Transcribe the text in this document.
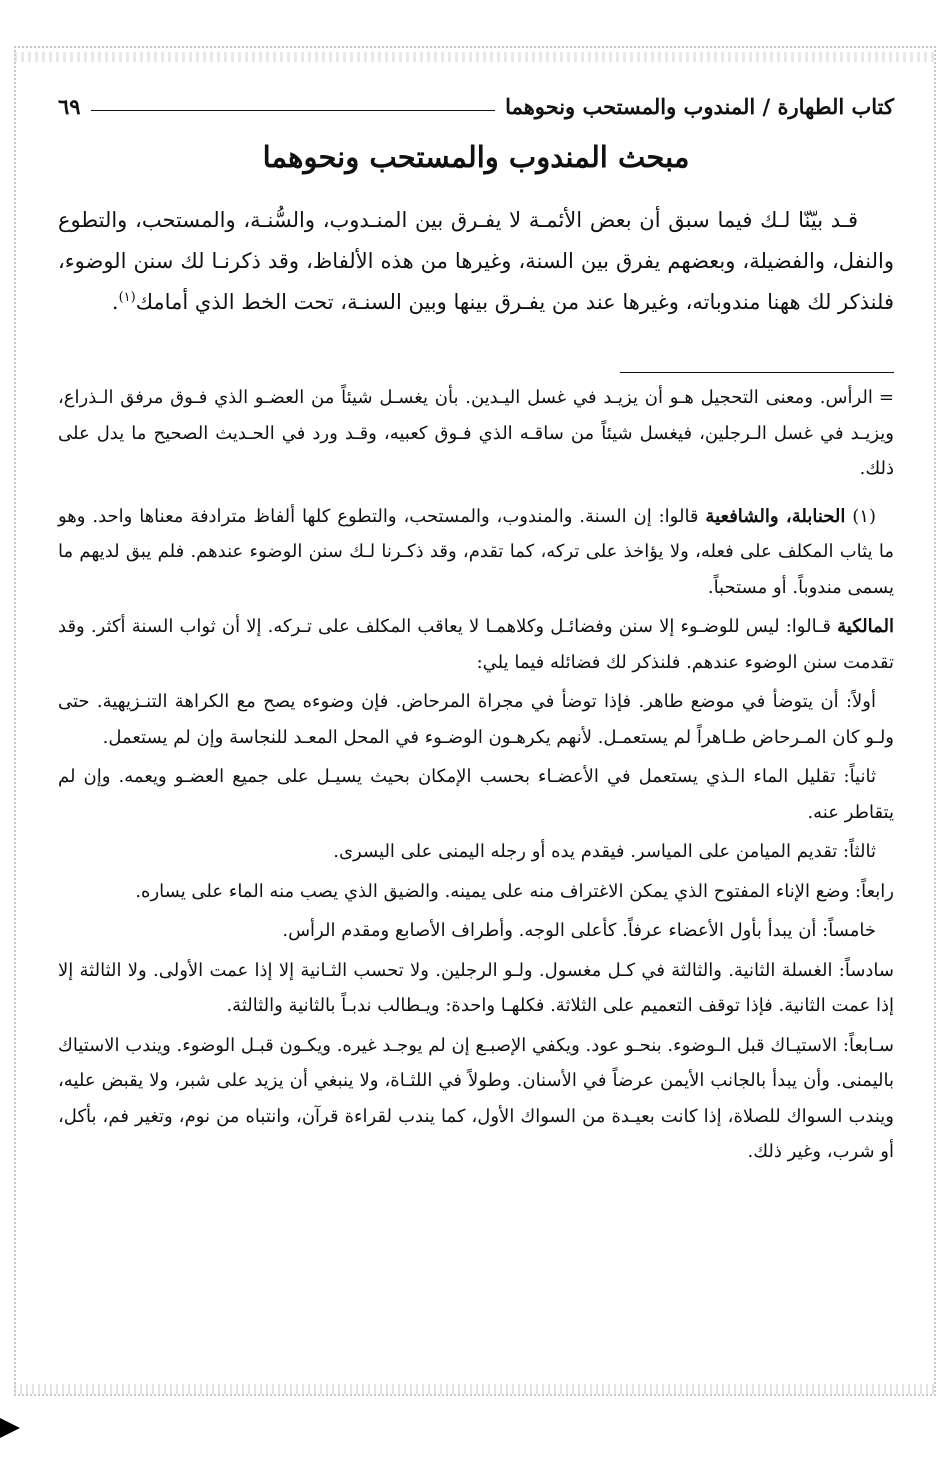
كتاب الطهارة / المندوب والمستحب ونحوهما
٦٩
مبحث المندوب والمستحب ونحوهما

قـد بيّنّا لـك فيما سبق أن بعض الأئمـة لا يفـرق بين المنـدوب، والسُّنـة، والمستحب، والتطوع والنفل، والفضيلة، وبعضهم يفرق بين السنة، وغيرها من هذه الألفاظ، وقد ذكرنـا لك سنن الوضوء، فلنذكر لك ههنا مندوباته، وغيرها عند من يفـرق بينها وبين السنـة، تحت الخط الذي أمامك$^{(١)}$.

=الرأس. ومعنى التحجيل هـو أن يزيـد في غسل اليـدين. بأن يغسـل شيئاً من العضـو الذي فـوق مرفق الـذراع، ويزيـد في غسل الـرجلين، فيغسل شيئاً من ساقـه الذي فـوق كعبيه، وقـد ورد في الحـديث الصحيح ما يدل على ذلك.

(١) الحنابلة، والشافعية قالوا: إن السنة. والمندوب، والمستحب، والتطوع كلها ألفاظ مترادفة معناها واحد. وهو ما يثاب المكلف على فعله، ولا يؤاخذ على تركه، كما تقدم، وقد ذكـرنا لـك سنن الوضوء عندهم. فلم يبق لديهم ما يسمى مندوباً. أو مستحباً.

المالكية قـالوا: ليس للوضـوء إلا سنن وفضائـل وكلاهمـا لا يعاقب المكلف على تـركه. إلا أن ثواب السنة أكثر. وقد تقدمت سنن الوضوء عندهم. فلنذكر لك فضائله فيما يلي:

أولاً: أن يتوضأ في موضع طاهر. فإذا توضأ في مجراة المرحاض. فإن وضوءه يصح مع الكراهة التنـزيهية. حتى ولـو كان المـرحاض طـاهراً لم يستعمـل. لأنهم يكرهـون الوضـوء في المحل المعـد للنجاسة وإن لم يستعمل.

ثانياً: تقليل الماء الـذي يستعمل في الأعضـاء بحسب الإمكان بحيث يسيـل على جميع العضـو ويعمه. وإن لم يتقاطر عنه.

ثالثاً: تقديم الميامن على المياسر. فيقدم يده أو رجله اليمنى على اليسرى.

رابعاً: وضع الإناء المفتوح الذي يمكن الاغتراف منه على يمينه. والضيق الذي يصب منه الماء على يساره.

خامساً: أن يبدأ بأول الأعضاء عرفاً. كأعلى الوجه. وأطراف الأصابع ومقدم الرأس.

سادساً: الغسلة الثانية. والثالثة في كـل مغسول. ولـو الرجلين. ولا تحسب الثـانية إلا إذا عمت الأولى. ولا الثالثة إلا إذا عمت الثانية. فإذا توقف التعميم على الثلاثة. فكلهـا واحدة: ويـطالب ندبـاً بالثانية والثالثة.

سـابعاً: الاستيـاك قبل الـوضوء. بنحـو عود. ويكفي الإصبـع إن لم يوجـد غيره. ويكـون قبـل الوضوء. ويندب الاستياك باليمنى. وأن يبدأ بالجانب الأيمن عرضاً في الأسنان. وطولاً في اللثـاة، ولا ينبغي أن يزيد على شبر، ولا يقبض عليه، ويندب السواك للصلاة، إذا كانت بعيـدة من السواك الأول، كما يندب لقراءة قرآن، وانتباه من نوم، وتغير فم، بأكل، أو شرب، وغير ذلك.
